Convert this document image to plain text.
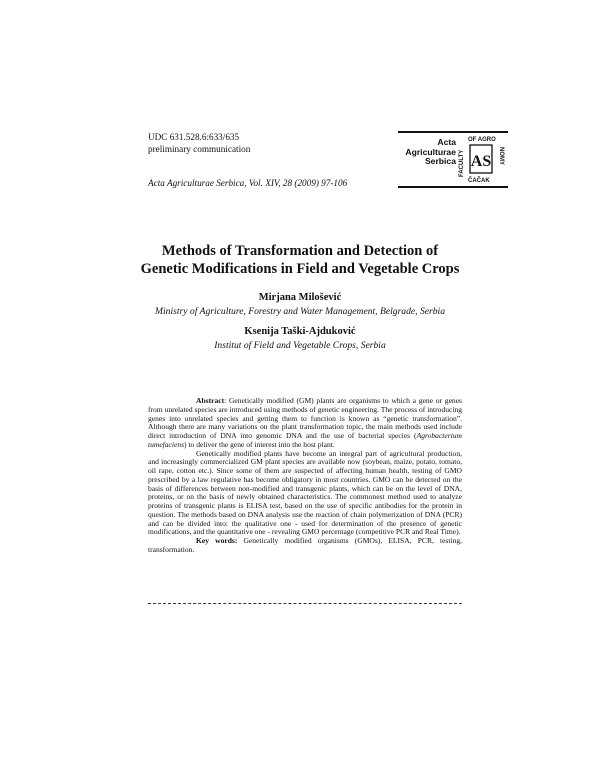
UDC 631.528.6:633/635
preliminary communication
Acta Agriculturae Serbica, Vol. XIV, 28 (2009) 97-106
Acta
Agriculturae
Serbica AS
FACULTY
OF AGRO
NOMY
ČAČAK
Methods of Transformation and Detection of
Genetic Modifications in Field and Vegetable Crops
Mirjana Milošević
Ministry of Agriculture, Forestry and Water Management, Belgrade, Serbia
Ksenija Taški-Ajduković
Institut of Field and Vegetable Crops, Serbia

Abstract: Genetically modified (GM) plants are organisms to which a gene or genes from unrelated species are introduced using methods of genetic engineering. The process of introducing genes into unrelated species and getting them to function is known as “genetic transformation”. Although there are many variations on the plant transformation topic, the main methods used include direct introduction of DNA into genomic DNA and the use of bacterial species (Agrobacterium tumefaciens) to deliver the gene of interest into the host plant.

Genetically modified plants have become an integral part of agricultural production, and increasingly commercialized GM plant species are available now (soybean, maize, potato, tomato, oil rape, cotton etc.). Since some of them are suspected of affecting human health, testing of GMO prescribed by a law regulative has become obligatory in most countries. GMO can be detected on the basis of differences between non-modified and transgenic plants, which can be on the level of DNA, proteins, or on the basis of newly obtained characteristics. The commonest method used to analyze proteins of transgenic plants is ELISA test, based on the use of specific antibodies for the protein in question. The methods based on DNA analysis use the reaction of chain polymerization of DNA (PCR) and can be divided into: the qualitative one - used for determination of the presence of genetic modifications, and the quantitative one - revealing GMO percentage (competitive PCR and Real Time).

Key words: Genetically modified organisms (GMOs), ELISA, PCR, testing, transformation.
